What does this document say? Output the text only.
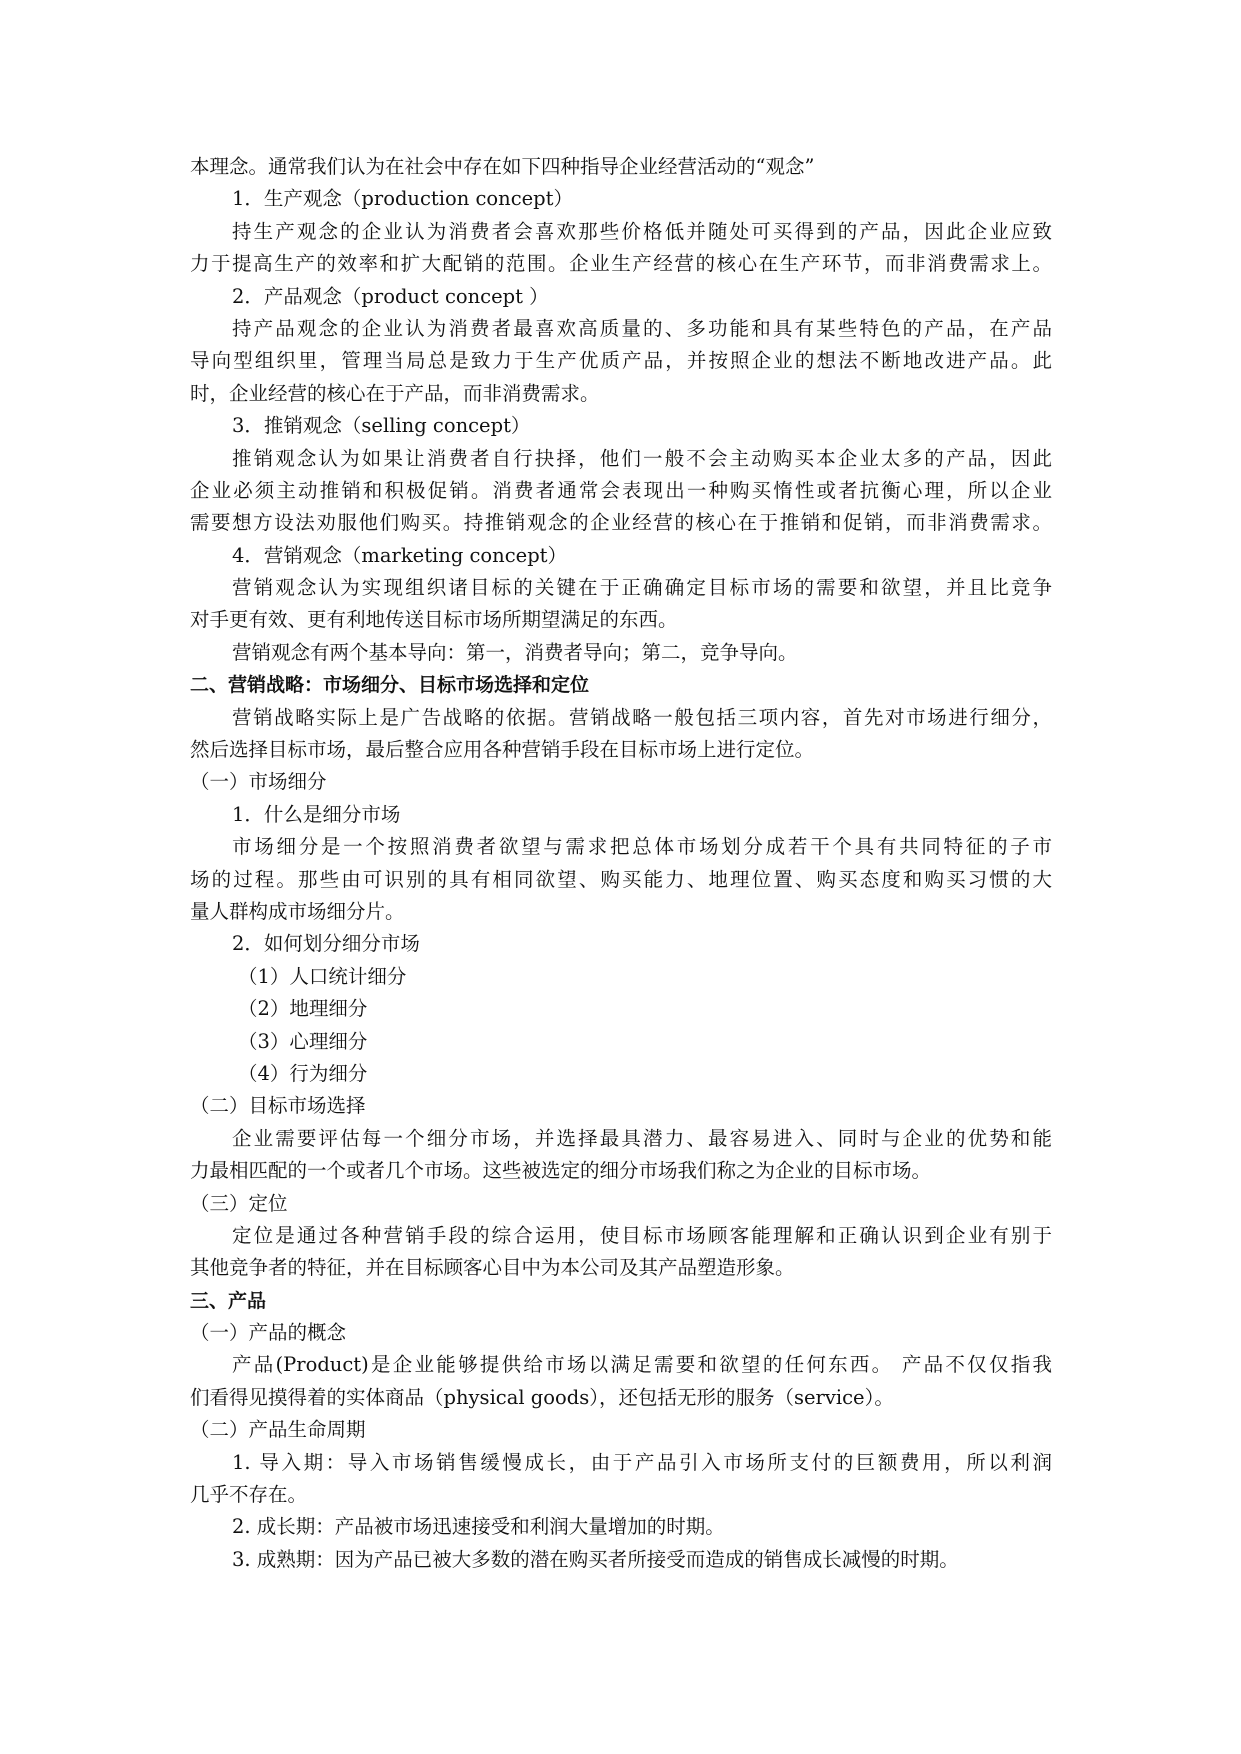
本理念。通常我们认为在社会中存在如下四种指导企业经营活动的“观念”
1．生产观念（production concept）
持生产观念的企业认为消费者会喜欢那些价格低并随处可买得到的产品，因此企业应致
力于提高生产的效率和扩大配销的范围。企业生产经营的核心在生产环节，而非消费需求上。
2．产品观念（product concept ）
持产品观念的企业认为消费者最喜欢高质量的、多功能和具有某些特色的产品，在产品
导向型组织里，管理当局总是致力于生产优质产品，并按照企业的想法不断地改进产品。此
时，企业经营的核心在于产品，而非消费需求。
3．推销观念（selling concept）
推销观念认为如果让消费者自行抉择，他们一般不会主动购买本企业太多的产品，因此
企业必须主动推销和积极促销。消费者通常会表现出一种购买惰性或者抗衡心理，所以企业
需要想方设法劝服他们购买。持推销观念的企业经营的核心在于推销和促销，而非消费需求。
4．营销观念（marketing concept）
营销观念认为实现组织诸目标的关键在于正确确定目标市场的需要和欲望，并且比竞争
对手更有效、更有利地传送目标市场所期望满足的东西。
营销观念有两个基本导向：第一，消费者导向；第二，竞争导向。
二、营销战略：市场细分、目标市场选择和定位
营销战略实际上是广告战略的依据。营销战略一般包括三项内容，首先对市场进行细分，
然后选择目标市场，最后整合应用各种营销手段在目标市场上进行定位。
（一）市场细分
1．什么是细分市场
市场细分是一个按照消费者欲望与需求把总体市场划分成若干个具有共同特征的子市
场的过程。那些由可识别的具有相同欲望、购买能力、地理位置、购买态度和购买习惯的大
量人群构成市场细分片。
2．如何划分细分市场
（1）人口统计细分
（2）地理细分
（3）心理细分
（4）行为细分
（二）目标市场选择
企业需要评估每一个细分市场，并选择最具潜力、最容易进入、同时与企业的优势和能
力最相匹配的一个或者几个市场。这些被选定的细分市场我们称之为企业的目标市场。
（三）定位
定位是通过各种营销手段的综合运用，使目标市场顾客能理解和正确认识到企业有别于
其他竞争者的特征，并在目标顾客心目中为本公司及其产品塑造形象。
三、产品
（一）产品的概念
产品(Product)是企业能够提供给市场以满足需要和欲望的任何东西。 产品不仅仅指我
们看得见摸得着的实体商品（physical goods），还包括无形的服务（service）。
（二）产品生命周期
1. 导入期：导入市场销售缓慢成长，由于产品引入市场所支付的巨额费用，所以利润
几乎不存在。
2. 成长期：产品被市场迅速接受和利润大量增加的时期。
3. 成熟期：因为产品已被大多数的潜在购买者所接受而造成的销售成长减慢的时期。
